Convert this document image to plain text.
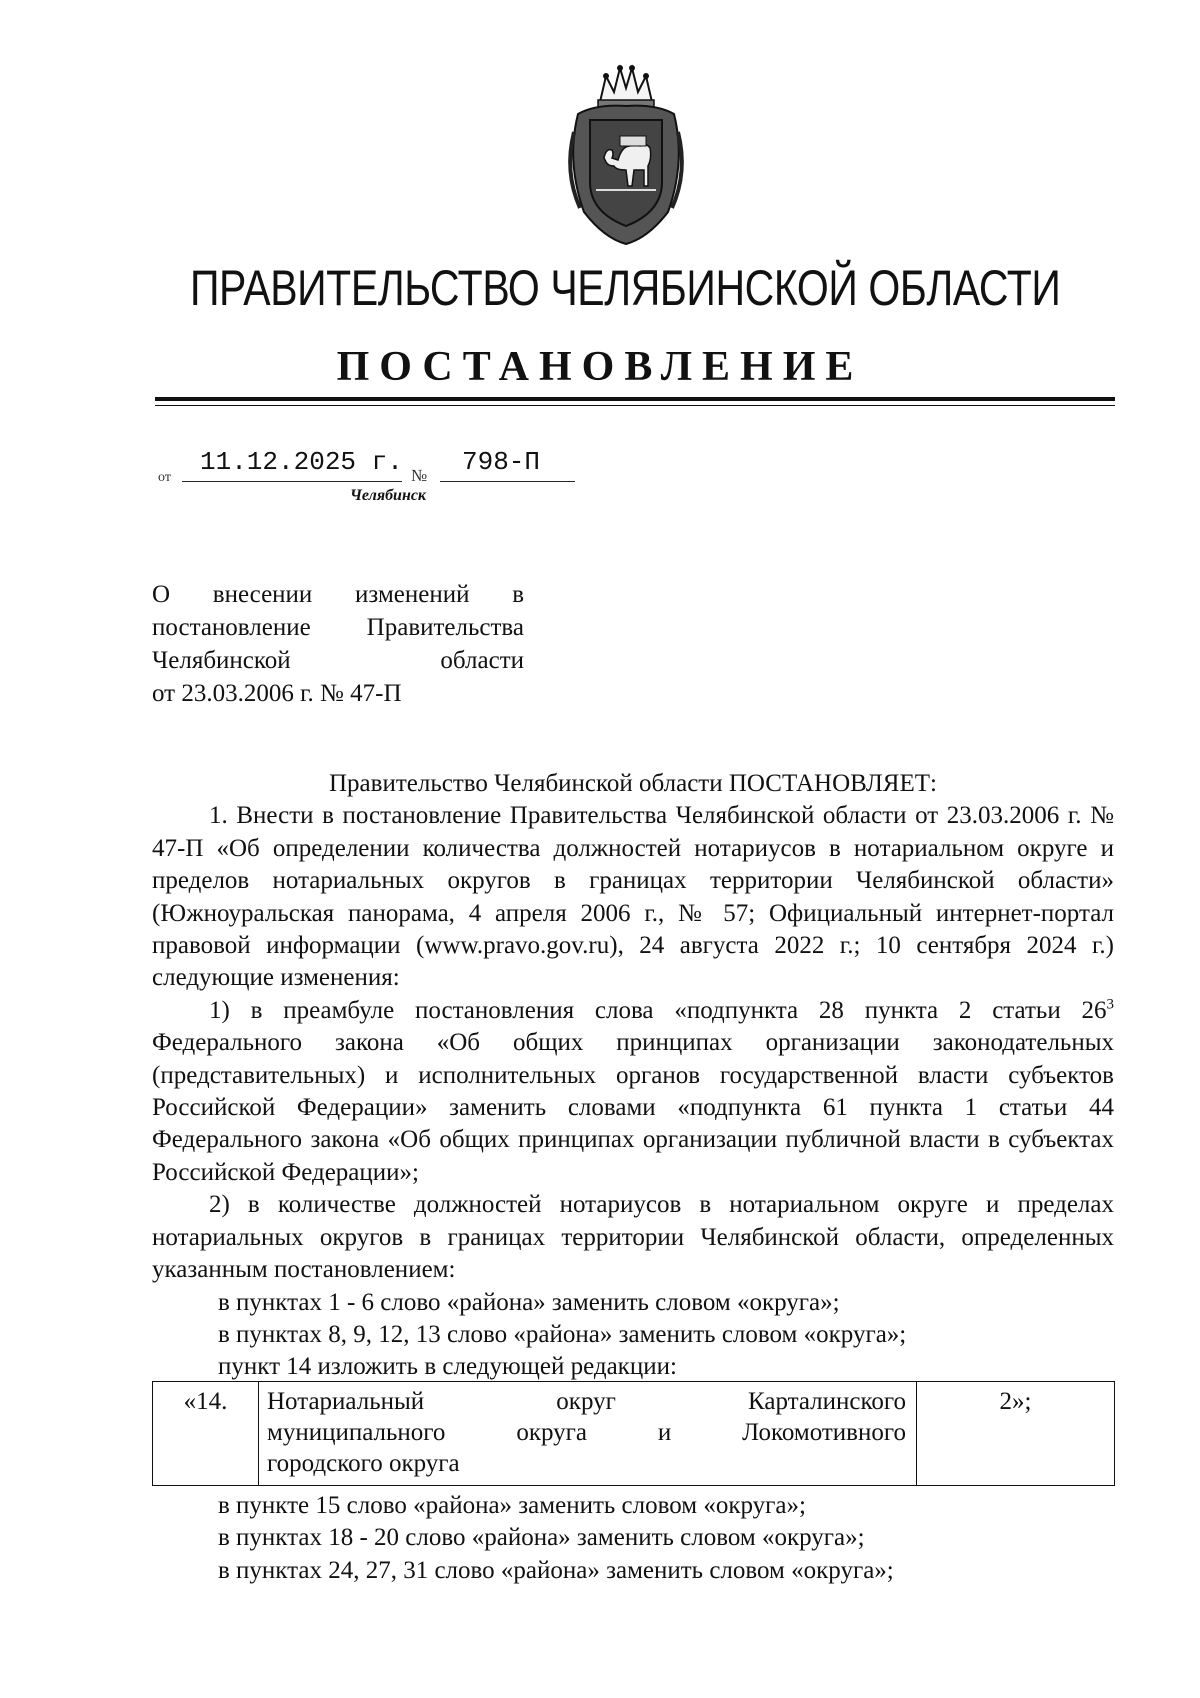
ПРАВИТЕЛЬСТВО ЧЕЛЯБИНСКОЙ ОБЛАСТИ
ПОСТАНОВЛЕНИЕ
от
11.12.2025 г. № 798-П
Челябинск
О внесении изменений в
постановление Правительства
Челябинской области
от 23.03.2006 г. № 47-П

Правительство Челябинской области ПОСТАНОВЛЯЕТ:

1. Внести в постановление Правительства Челябинской области от 23.03.2006 г. № 47-П «Об определении количества должностей нотариусов в нотариальном округе и пределов нотариальных округов в границах территории Челябинской области» (Южноуральская панорама, 4 апреля 2006 г., № 57; Официальный интернет-портал правовой информации (www.pravo.gov.ru), 24 августа 2022 г.; 10 сентября 2024 г.) следующие изменения:

1) в преамбуле постановления слова «подпункта 28 пункта 2 статьи $26^3$ Федерального закона «Об общих принципах организации законодательных (представительных) и исполнительных органов государственной власти субъектов Российской Федерации» заменить словами «подпункта 61 пункта 1 статьи 44 Федерального закона «Об общих принципах организации публичной власти в субъектах Российской Федерации»;

2) в количестве должностей нотариусов в нотариальном округе и пределах нотариальных округов в границах территории Челябинской области, определенных указанным постановлением:

в пунктах 1 - 6 слово «района» заменить словом «округа»;

в пунктах 8, 9, 12, 13 слово «района» заменить словом «округа»;

пункт 14 изложить в следующей редакции:

«14.	Нотариальный округ Карталинского
муниципального округа и Локомотивного
городского округа
2»;

в пункте 15 слово «района» заменить словом «округа»;

в пунктах 18 - 20 слово «района» заменить словом «округа»;

в пунктах 24, 27, 31 слово «района» заменить словом «округа»;
